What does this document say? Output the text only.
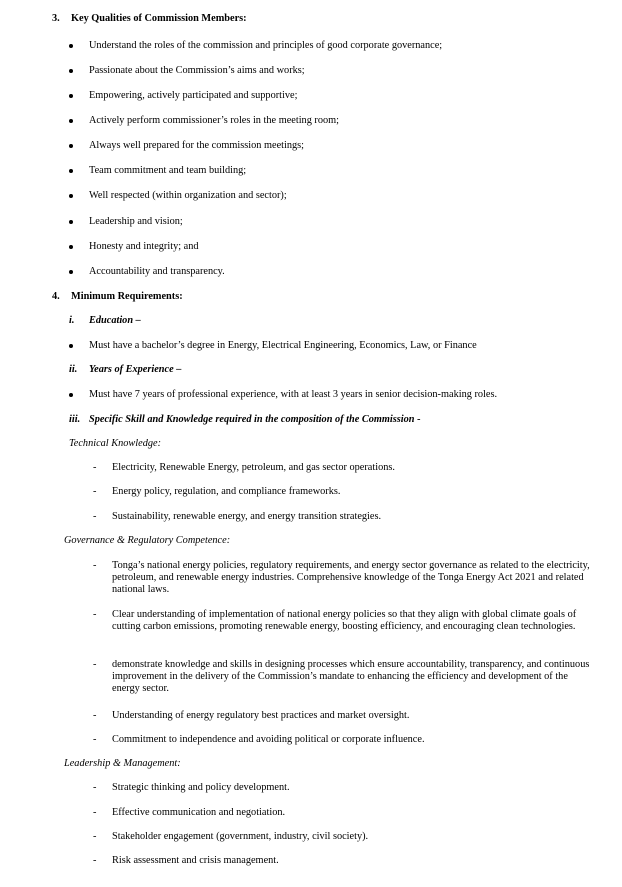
3. Key Qualities of Commission Members:
Understand the roles of the commission and principles of good corporate governance;
Passionate about the Commission’s aims and works;
Empowering, actively participated and supportive;
Actively perform commissioner’s roles in the meeting room;
Always well prepared for the commission meetings;
Team commitment and team building;
Well respected (within organization and sector);
Leadership and vision;
Honesty and integrity; and
Accountability and transparency.
4. Minimum Requirements:
i. Education –
Must have a bachelor’s degree in Energy, Electrical Engineering, Economics, Law, or Finance
ii. Years of Experience –
Must have 7 years of professional experience, with at least 3 years in senior decision-making roles.
iii. Specific Skill and Knowledge required in the composition of the Commission -
Technical Knowledge:
- Electricity, Renewable Energy, petroleum, and gas sector operations.
- Energy policy, regulation, and compliance frameworks.
- Sustainability, renewable energy, and energy transition strategies.
Governance & Regulatory Competence:
- Tonga’s national energy policies, regulatory requirements, and energy sector governance as related to the electricity, petroleum, and renewable energy industries. Comprehensive knowledge of the Tonga Energy Act 2021 and related national laws.
- Clear understanding of implementation of national energy policies so that they align with global climate goals of cutting carbon emissions, promoting renewable energy, boosting efficiency, and encouraging clean technologies.
- demonstrate knowledge and skills in designing processes which ensure accountability, transparency, and continuous improvement in the delivery of the Commission’s mandate to enhancing the efficiency and development of the energy sector.
- Understanding of energy regulatory best practices and market oversight.
- Commitment to independence and avoiding political or corporate influence.
Leadership & Management:
- Strategic thinking and policy development.
- Effective communication and negotiation.
- Stakeholder engagement (government, industry, civil society).
- Risk assessment and crisis management.
